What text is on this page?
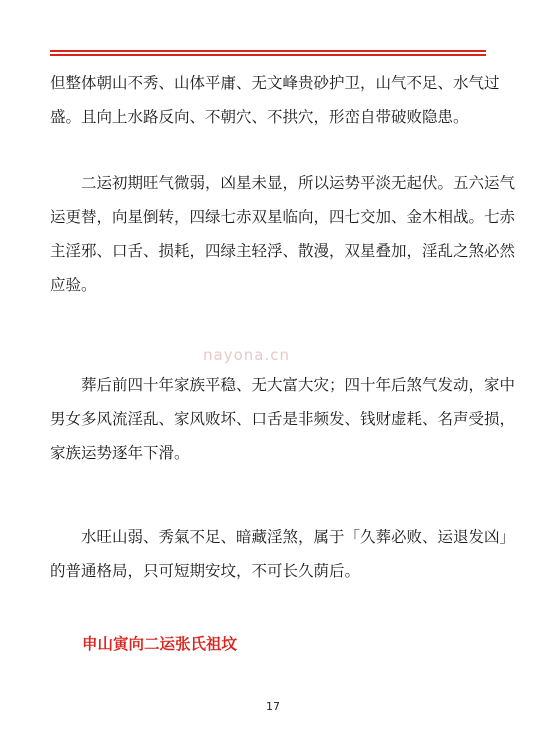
但整体朝山不秀、山体平庸、无文峰贵砂护卫，山气不足、水气过
盛。且向上水路反向、不朝穴、不拱穴，形峦自带破败隐患。
　　二运初期旺气微弱，凶星未显，所以运势平淡无起伏。五六运气
运更替，向星倒转，四绿七赤双星临向，四七交加、金木相战。七赤
主淫邪、口舌、损耗，四绿主轻浮、散漫，双星叠加，淫乱之煞必然
应验。
nayona.cn
　　葬后前四十年家族平稳、无大富大灾；四十年后煞气发动，家中
男女多风流淫乱、家风败坏、口舌是非频发、钱财虚耗、名声受损，
家族运势逐年下滑。
　　水旺山弱、秀氣不足、暗藏淫煞，属于「久葬必败、运退发凶」
的普通格局，只可短期安坟，不可长久荫后。
申山寅向二运张氏祖坟
17
